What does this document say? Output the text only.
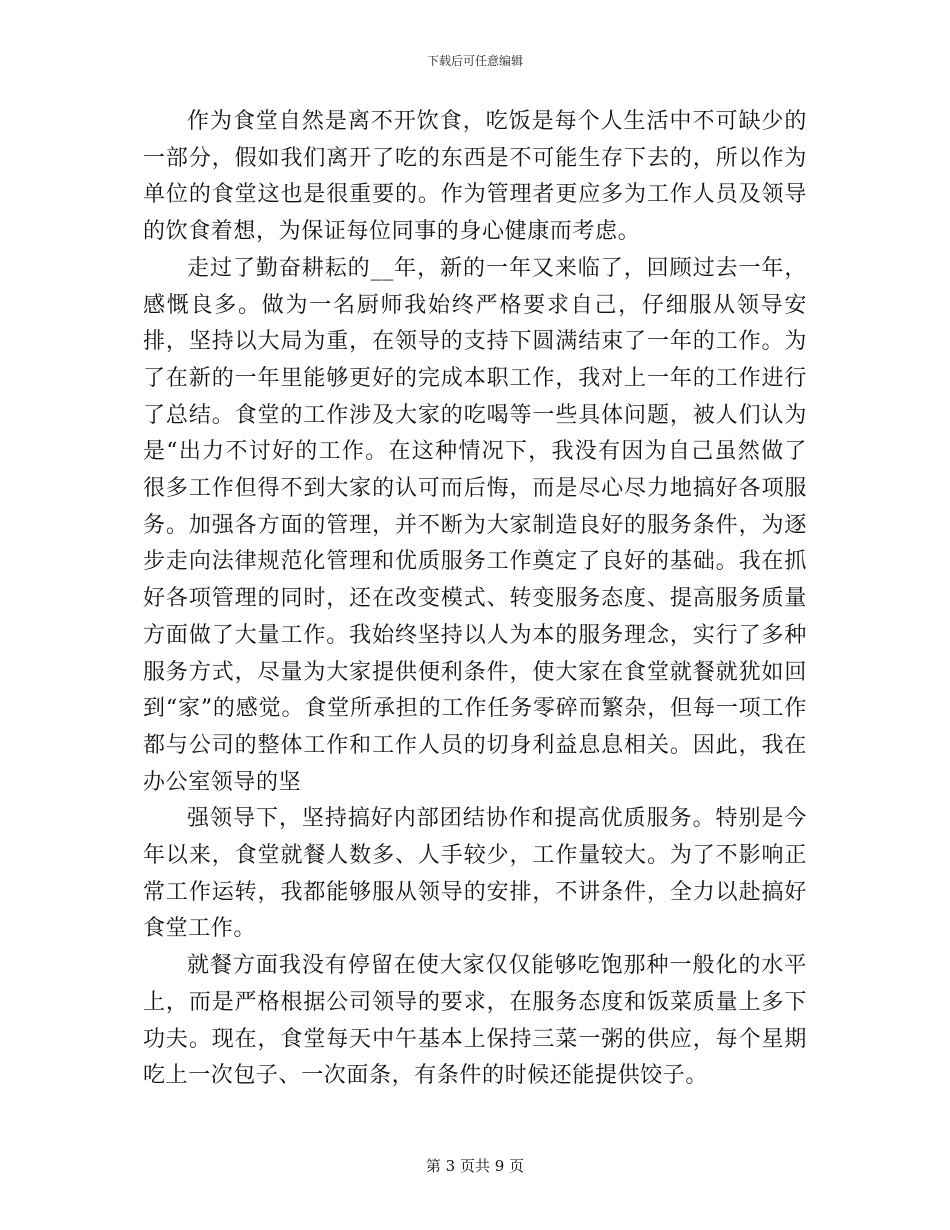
下载后可任意编辑

作为食堂自然是离不开饮食，吃饭是每个人生活中不可缺少的一部分，假如我们离开了吃的东西是不可能生存下去的，所以作为单位的食堂这也是很重要的。作为管理者更应多为工作人员及领导的饮食着想，为保证每位同事的身心健康而考虑。

走过了勤奋耕耘的__年，新的一年又来临了，回顾过去一年，感慨良多。做为一名厨师我始终严格要求自己，仔细服从领导安排，坚持以大局为重，在领导的支持下圆满结束了一年的工作。为了在新的一年里能够更好的完成本职工作，我对上一年的工作进行了总结。食堂的工作涉及大家的吃喝等一些具体问题，被人们认为是“出力不讨好的工作。在这种情况下，我没有因为自己虽然做了很多工作但得不到大家的认可而后悔，而是尽心尽力地搞好各项服务。加强各方面的管理，并不断为大家制造良好的服务条件，为逐步走向法律规范化管理和优质服务工作奠定了良好的基础。我在抓好各项管理的同时，还在改变模式、转变服务态度、提高服务质量方面做了大量工作。我始终坚持以人为本的服务理念，实行了多种服务方式，尽量为大家提供便利条件，使大家在食堂就餐就犹如回到“家”的感觉。食堂所承担的工作任务零碎而繁杂，但每一项工作都与公司的整体工作和工作人员的切身利益息息相关。因此，我在办公室领导的坚

强领导下，坚持搞好内部团结协作和提高优质服务。特别是今年以来，食堂就餐人数多、人手较少，工作量较大。为了不影响正常工作运转，我都能够服从领导的安排，不讲条件，全力以赴搞好食堂工作。

就餐方面我没有停留在使大家仅仅能够吃饱那种一般化的水平上，而是严格根据公司领导的要求，在服务态度和饭菜质量上多下功夫。现在，食堂每天中午基本上保持三菜一粥的供应，每个星期吃上一次包子、一次面条，有条件的时候还能提供饺子。

第 3 页共 9 页
